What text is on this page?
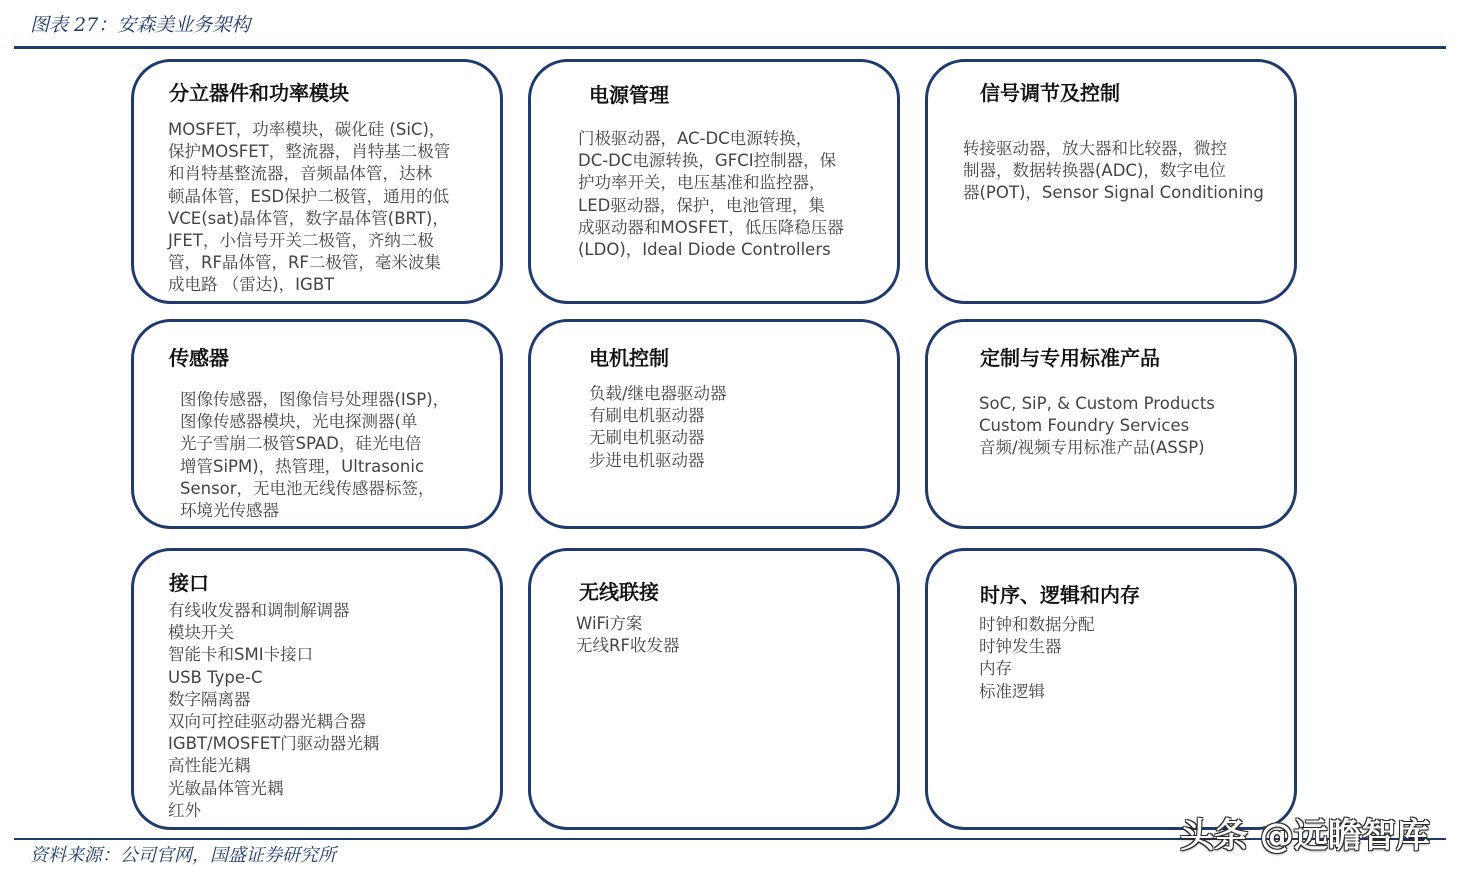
图表 27：安森美业务架构
分立器件和功率模块
MOSFET，功率模块，碳化硅 (SiC)，
保护MOSFET，整流器，肖特基二极管
和肖特基整流器，音频晶体管，达林
顿晶体管，ESD保护二极管，通用的低
VCE(sat)晶体管，数字晶体管(BRT)，
JFET，小信号开关二极管，齐纳二极
管，RF晶体管，RF二极管，毫米波集
成电路 （雷达)，IGBT
电源管理
门极驱动器，AC-DC电源转换，
DC-DC电源转换，GFCI控制器，保
护功率开关，电压基准和监控器，
LED驱动器，保护，电池管理，集
成驱动器和MOSFET，低压降稳压器
(LDO)，Ideal Diode Controllers
信号调节及控制
转接驱动器，放大器和比较器，微控
制器，数据转换器(ADC)，数字电位
器(POT)，Sensor Signal Conditioning
传感器
图像传感器，图像信号处理器(ISP)，
图像传感器模块，光电探测器(单
光子雪崩二极管SPAD，硅光电倍
增管SiPM)，热管理，Ultrasonic
Sensor，无电池无线传感器标签，
环境光传感器
电机控制
负载/继电器驱动器
有刷电机驱动器
无刷电机驱动器
步进电机驱动器
定制与专用标准产品
SoC, SiP, & Custom Products
Custom Foundry Services
音频/视频专用标准产品(ASSP)
接口
有线收发器和调制解调器
模块开关
智能卡和SMI卡接口
USB Type-C
数字隔离器
双向可控硅驱动器光耦合器
IGBT/MOSFET门驱动器光耦
高性能光耦
光敏晶体管光耦
红外
无线联接
WiFi方案
无线RF收发器
时序、逻辑和内存
时钟和数据分配
时钟发生器
内存
标准逻辑
资料来源：公司官网，国盛证券研究所	头条 @远瞻智库
